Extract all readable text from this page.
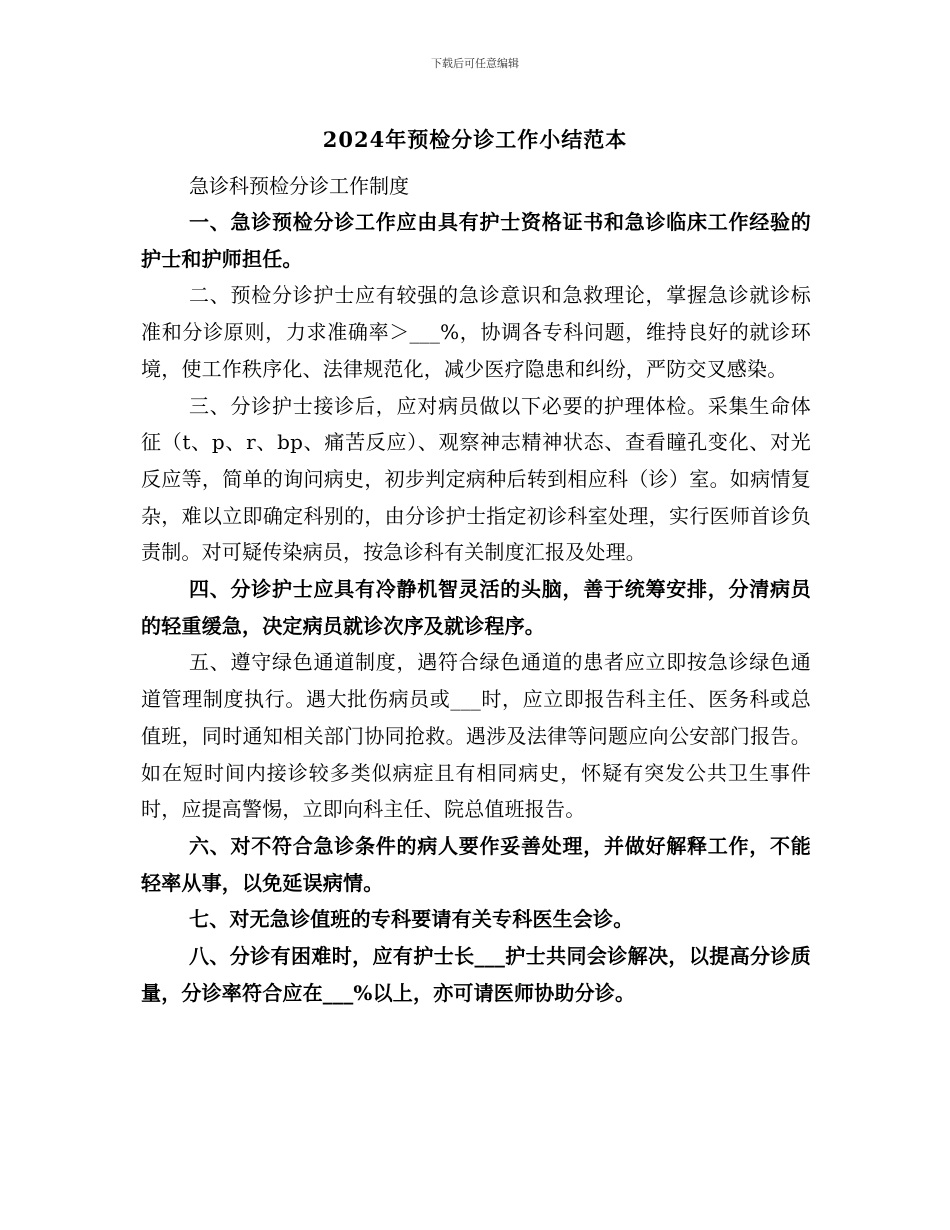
下载后可任意编辑
2024年预检分诊工作小结范本

急诊科预检分诊工作制度

一、急诊预检分诊工作应由具有护士资格证书和急诊临床工作经验的护士和护师担任。

二、预检分诊护士应有较强的急诊意识和急救理论，掌握急诊就诊标准和分诊原则，力求准确率＞___%，协调各专科问题，维持良好的就诊环境，使工作秩序化、法律规范化，减少医疗隐患和纠纷，严防交叉感染。

三、分诊护士接诊后，应对病员做以下必要的护理体检。采集生命体征（t、p、r、bp、痛苦反应）、观察神志精神状态、查看瞳孔变化、对光反应等，简单的询问病史，初步判定病种后转到相应科（诊）室。如病情复杂，难以立即确定科别的，由分诊护士指定初诊科室处理，实行医师首诊负责制。对可疑传染病员，按急诊科有关制度汇报及处理。

四、分诊护士应具有冷静机智灵活的头脑，善于统筹安排，分清病员的轻重缓急，决定病员就诊次序及就诊程序。

五、遵守绿色通道制度，遇符合绿色通道的患者应立即按急诊绿色通道管理制度执行。遇大批伤病员或___时，应立即报告科主任、医务科或总值班，同时通知相关部门协同抢救。遇涉及法律等问题应向公安部门报告。如在短时间内接诊较多类似病症且有相同病史，怀疑有突发公共卫生事件时，应提高警惕，立即向科主任、院总值班报告。

六、对不符合急诊条件的病人要作妥善处理，并做好解释工作，不能轻率从事，以免延误病情。

七、对无急诊值班的专科要请有关专科医生会诊。

八、分诊有困难时，应有护士长___护士共同会诊解决，以提高分诊质量，分诊率符合应在___%以上，亦可请医师协助分诊。
